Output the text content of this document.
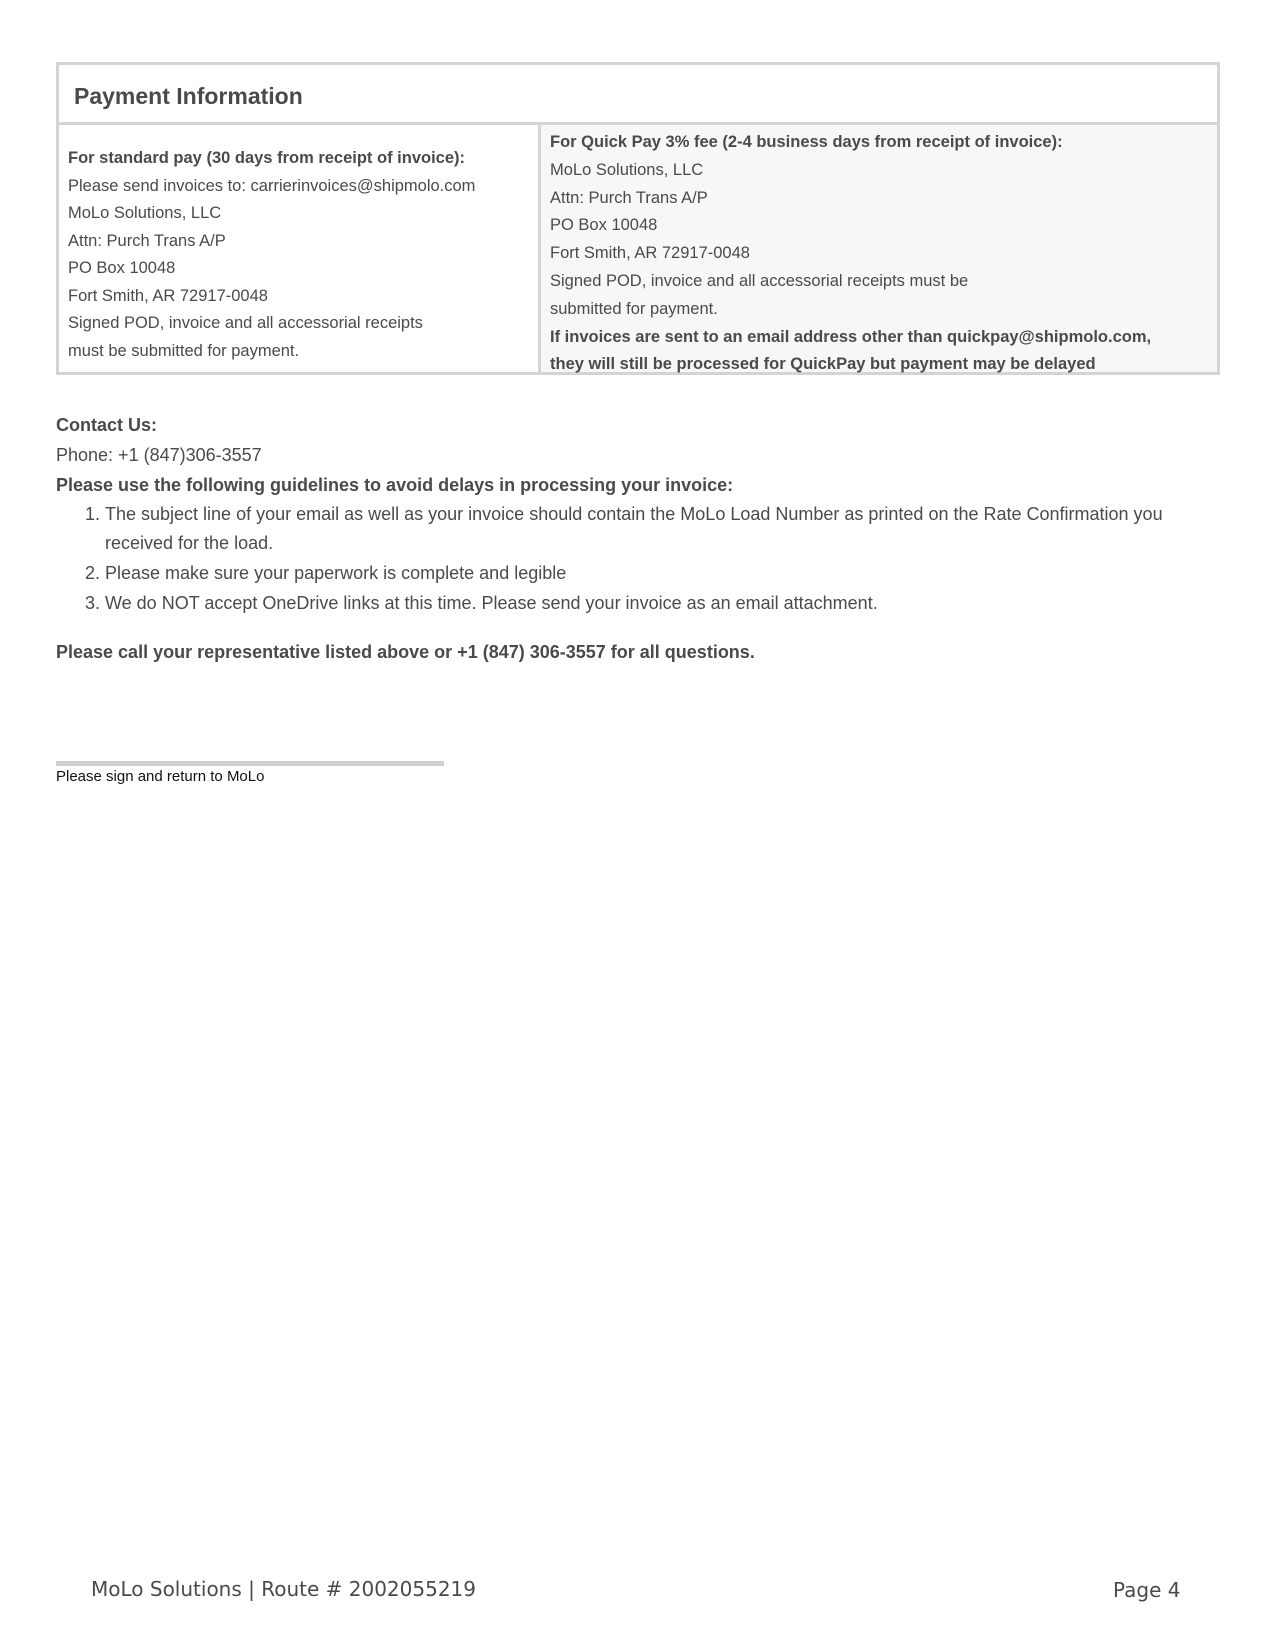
Payment Information
For standard pay (30 days from receipt of invoice):
Please send invoices to: carrierinvoices@shipmolo.com
MoLo Solutions, LLC
Attn: Purch Trans A/P
PO Box 10048
Fort Smith, AR 72917-0048
Signed POD, invoice and all accessorial receipts
must be submitted for payment.
For Quick Pay 3% fee (2-4 business days from receipt of invoice):
MoLo Solutions, LLC
Attn: Purch Trans A/P
PO Box 10048
Fort Smith, AR 72917-0048
Signed POD, invoice and all accessorial receipts must be
submitted for payment.
If invoices are sent to an email address other than quickpay@shipmolo.com,
they will still be processed for QuickPay but payment may be delayed
Contact Us:
Phone: +1 (847)306-3557
Please use the following guidelines to avoid delays in processing your invoice:
1. The subject line of your email as well as your invoice should contain the MoLo Load Number as printed on the Rate Confirmation you received for the load.
2. Please make sure your paperwork is complete and legible
3. We do NOT accept OneDrive links at this time. Please send your invoice as an email attachment.
Please call your representative listed above or +1 (847) 306-3557 for all questions.
Please sign and return to MoLo
MoLo Solutions | Route # 2002055219	Page 4
